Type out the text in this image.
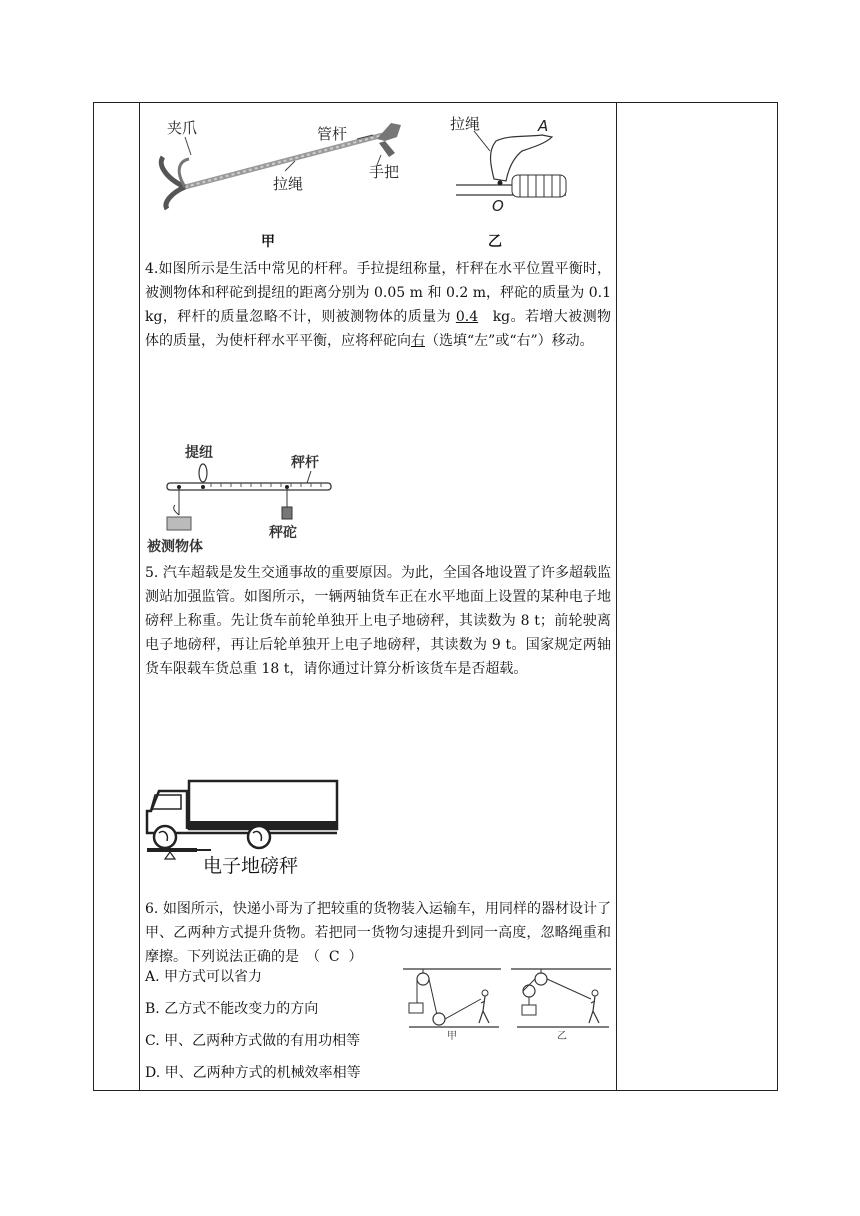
夹爪	管杆
拉绳
手把
甲
拉绳	A
O
乙

4.如图所示是生活中常见的杆秤。手拉提纽称量，杆秤在水平位置平衡时，被测物体和秤砣到提纽的距离分别为 0.05 m 和 0.2 m，秤砣的质量为 0.1 kg，秤杆的质量忽略不计，则被测物体的质量为 0.4 kg。若增大被测物体的质量，为使杆秤水平平衡，应将秤砣向右（选填“左”或“右”）移动。

提纽
秤杆
秤砣
被测物体

5. 汽车超载是发生交通事故的重要原因。为此，全国各地设置了许多超载监测站加强监管。如图所示，一辆两轴货车正在水平地面上设置的某种电子地磅秤上称重。先让货车前轮单独开上电子地磅秤，其读数为 8 t；前轮驶离电子地磅秤，再让后轮单独开上电子地磅秤，其读数为 9 t。国家规定两轴货车限载车货总重 18 t，请你通过计算分析该货车是否超载。

电子地磅秤

6. 如图所示，快递小哥为了把较重的货物装入运输车，用同样的器材设计了甲、乙两种方式提升货物。若把同一货物匀速提升到同一高度，忽略绳重和摩擦。下列说法正确的是　（ C ）

A. 甲方式可以省力
B. 乙方式不能改变力的方向
C. 甲、乙两种方式做的有用功相等
D. 甲、乙两种方式的机械效率相等
甲	乙
